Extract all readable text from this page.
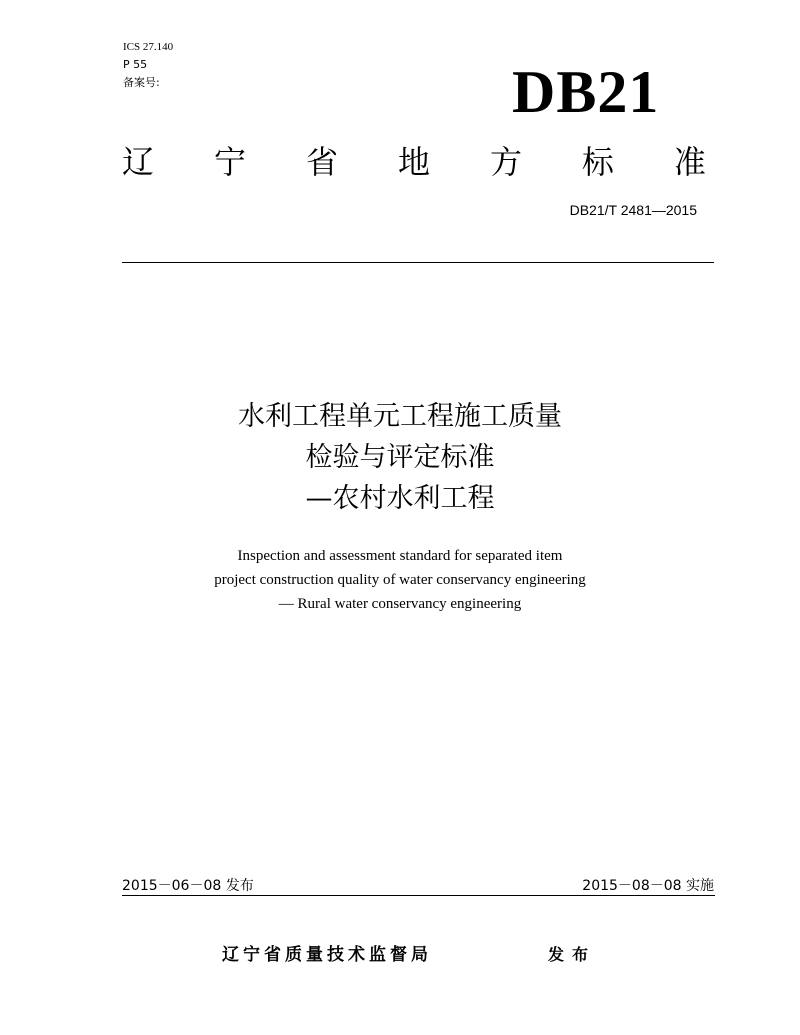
ICS 27.140
P 55
备案号:	DB21
辽 宁 省 地 方 标 准
DB21/T 2481—2015
水利工程单元工程施工质量
检验与评定标准
—农村水利工程
Inspection and assessment standard for separated item
project construction quality of water conservancy engineering
— Rural water conservancy engineering
2015－06－08 发布	2015－08－08 实施
辽宁省质量技术监督局	发布
